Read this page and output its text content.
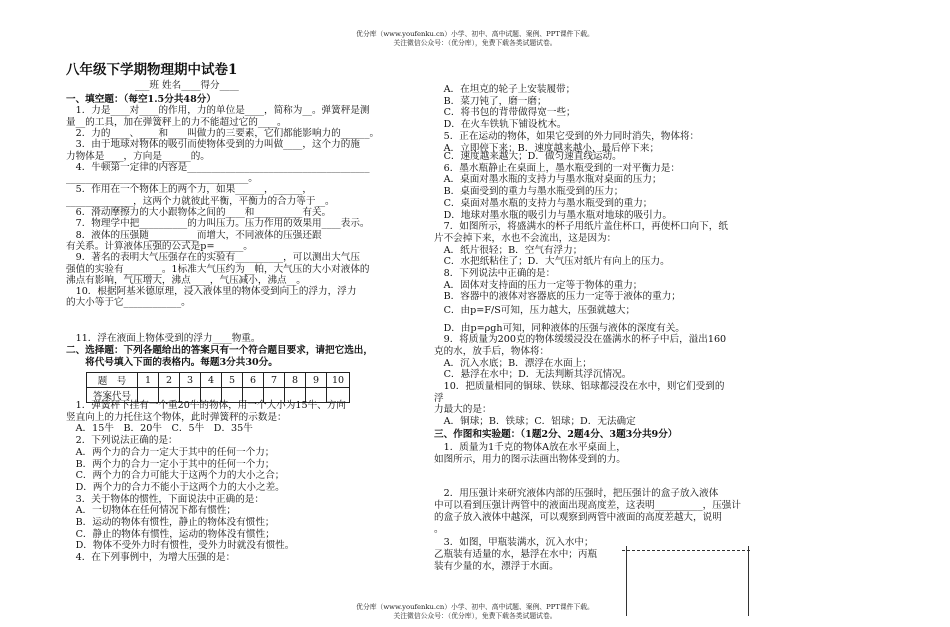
优分库（www.youfenku.cn）小学、初中、高中试题、案例、PPT课件下载。
关注微信公众号：（优分库），免费下载各类试题试卷。
八年级下学期物理期中试卷1
___班 姓名____得分____
一、填空题：（每空1.5分共48分）
　1．力是____对____的作用，力的单位是____，简称为__。弹簧秤是测
量__的工具，加在弹簧秤上的力不能超过它的____。
　2．力的____、____和____叫做力的三要素，它们都能影响力的______。
　3．由于地球对物体的吸引而使物体受到的力叫做____，这个力的施
力物体是____，方向是______的。
　4．牛顿第一定律的内容是______________________________________
______________________________________。
　5．作用在一个物体上的两个力，如果______，______，
______________，这两个力就彼此平衡，平衡力的合力等于__。
　6．滑动摩擦力的大小跟物体之间的____和__________有关。
　7．物理学中把__________的力叫压力。压力作用的效果用____表示。
　8．液体的压强随__________而增大，不同液体的压强还跟
有关系。计算液体压强的公式是p=______。
　9．著名的表明大气压强存在的实验有__________，可以测出大气压
强值的实验有________。1标准大气压约为__帕，大气压的大小对液体的
沸点有影响，气压增大，沸点____，气压减小，沸点__。
　10．根据阿基米德原理，浸入液体里的物体受到向上的浮力，浮力
的大小等于它____________。
　11．浮在液面上物体受到的浮力____物重。
二、选择题：下列各题给出的答案只有一个符合题目要求，请把它选出，
　　将代号填入下面的表格内。每题3分共30分。
　1．弹簧秤下挂有一个重20牛的物体，用一个大小为15牛、方向
竖直向上的力托住这个物体，此时弹簧秤的示数是：
　A．15牛　B．20牛　C．5牛　D．35牛
　2．下列说法正确的是：
　A．两个力的合力一定大于其中的任何一个力；
　B．两个力的合力一定小于其中的任何一个力；
　C．两个力的合力可能大于这两个力的大小之合；
　D．两个力的合力不能小于这两个力的大小之差。
　3．关于物体的惯性，下面说法中正确的是：
　A．一切物体在任何情况下都有惯性；
　B．运动的物体有惯性，静止的物体没有惯性；
　C．静止的物体有惯性，运动的物体没有惯性；
　D．物体不受外力时有惯性，受外力时就没有惯性。
　4．在下列事例中，为增大压强的是：
题　号	1	2	3	4	5	6	7	8	9	10
答案代号										
　A．在坦克的轮子上安装履带；
　B．菜刀钝了，磨一磨；
　C．将书包的背带做得宽一些；
　D．在火车铁轨下铺设枕木。
　5．正在运动的物体，如果它受到的外力同时消失，物体将：
　A．立即停下来；B．速度越来越小，最后停下来；
　C．速度越来越大；D．做匀速直线运动。
　6．墨水瓶静止在桌面上，墨水瓶受到的一对平衡力是：
　A．桌面对墨水瓶的支持力与墨水瓶对桌面的压力；
　B．桌面受到的重力与墨水瓶受到的压力；
　C．桌面对墨水瓶的支持力与墨水瓶受到的重力；
　D．地球对墨水瓶的吸引力与墨水瓶对地球的吸引力。
　7．如图所示，将盛满水的杯子用纸片盖住杯口，再使杯口向下，纸
片不会掉下来，水也不会流出，这是因为：
　A．纸片很轻；B．空气有浮力；
　C．水把纸粘住了；D．大气压对纸片有向上的压力。
　8．下列说法中正确的是：
　A．固体对支持面的压力一定等于物体的重力；
　B．容器中的液体对容器底的压力一定等于液体的重力；
　C．由p=F/S可知，压力越大，压强就越大；
　D．由p=ρgh可知，同种液体的压强与液体的深度有关。
　9．将质量为200克的物体缓缓浸没在盛满水的杯子中后，溢出160
克的水，放手后，物体将：
　A．沉入水底；B．漂浮在水面上；
　C．悬浮在水中；D．无法判断其浮沉情况。
　10．把质量相同的铜球、铁球、铝球都浸没在水中，则它们受到的
浮
力最大的是：
　A．铜球；B．铁球；C．铝球；D．无法确定
三、作图和实验题：（1题2分、2题4分、3题3分共9分）
　1．质量为1千克的物体A放在水平桌面上，
如图所示，用力的图示法画出物体受到的力。
　2．用压强计来研究液体内部的压强时，把压强计的盒子放入液体
中可以看到压强计两管中的液面出现高度差，这表明__________，压强计
的盒子放入液体中越深，可以观察到两管中液面的高度差越大，说明
。
　3．如图，甲瓶装满水，沉入水中；
乙瓶装有适量的水，悬浮在水中；丙瓶
装有少量的水，漂浮于水面。
优分库（www.youfenku.cn）小学、初中、高中试题、案例、PPT课件下载。
关注微信公众号：（优分库），免费下载各类试题试卷。
